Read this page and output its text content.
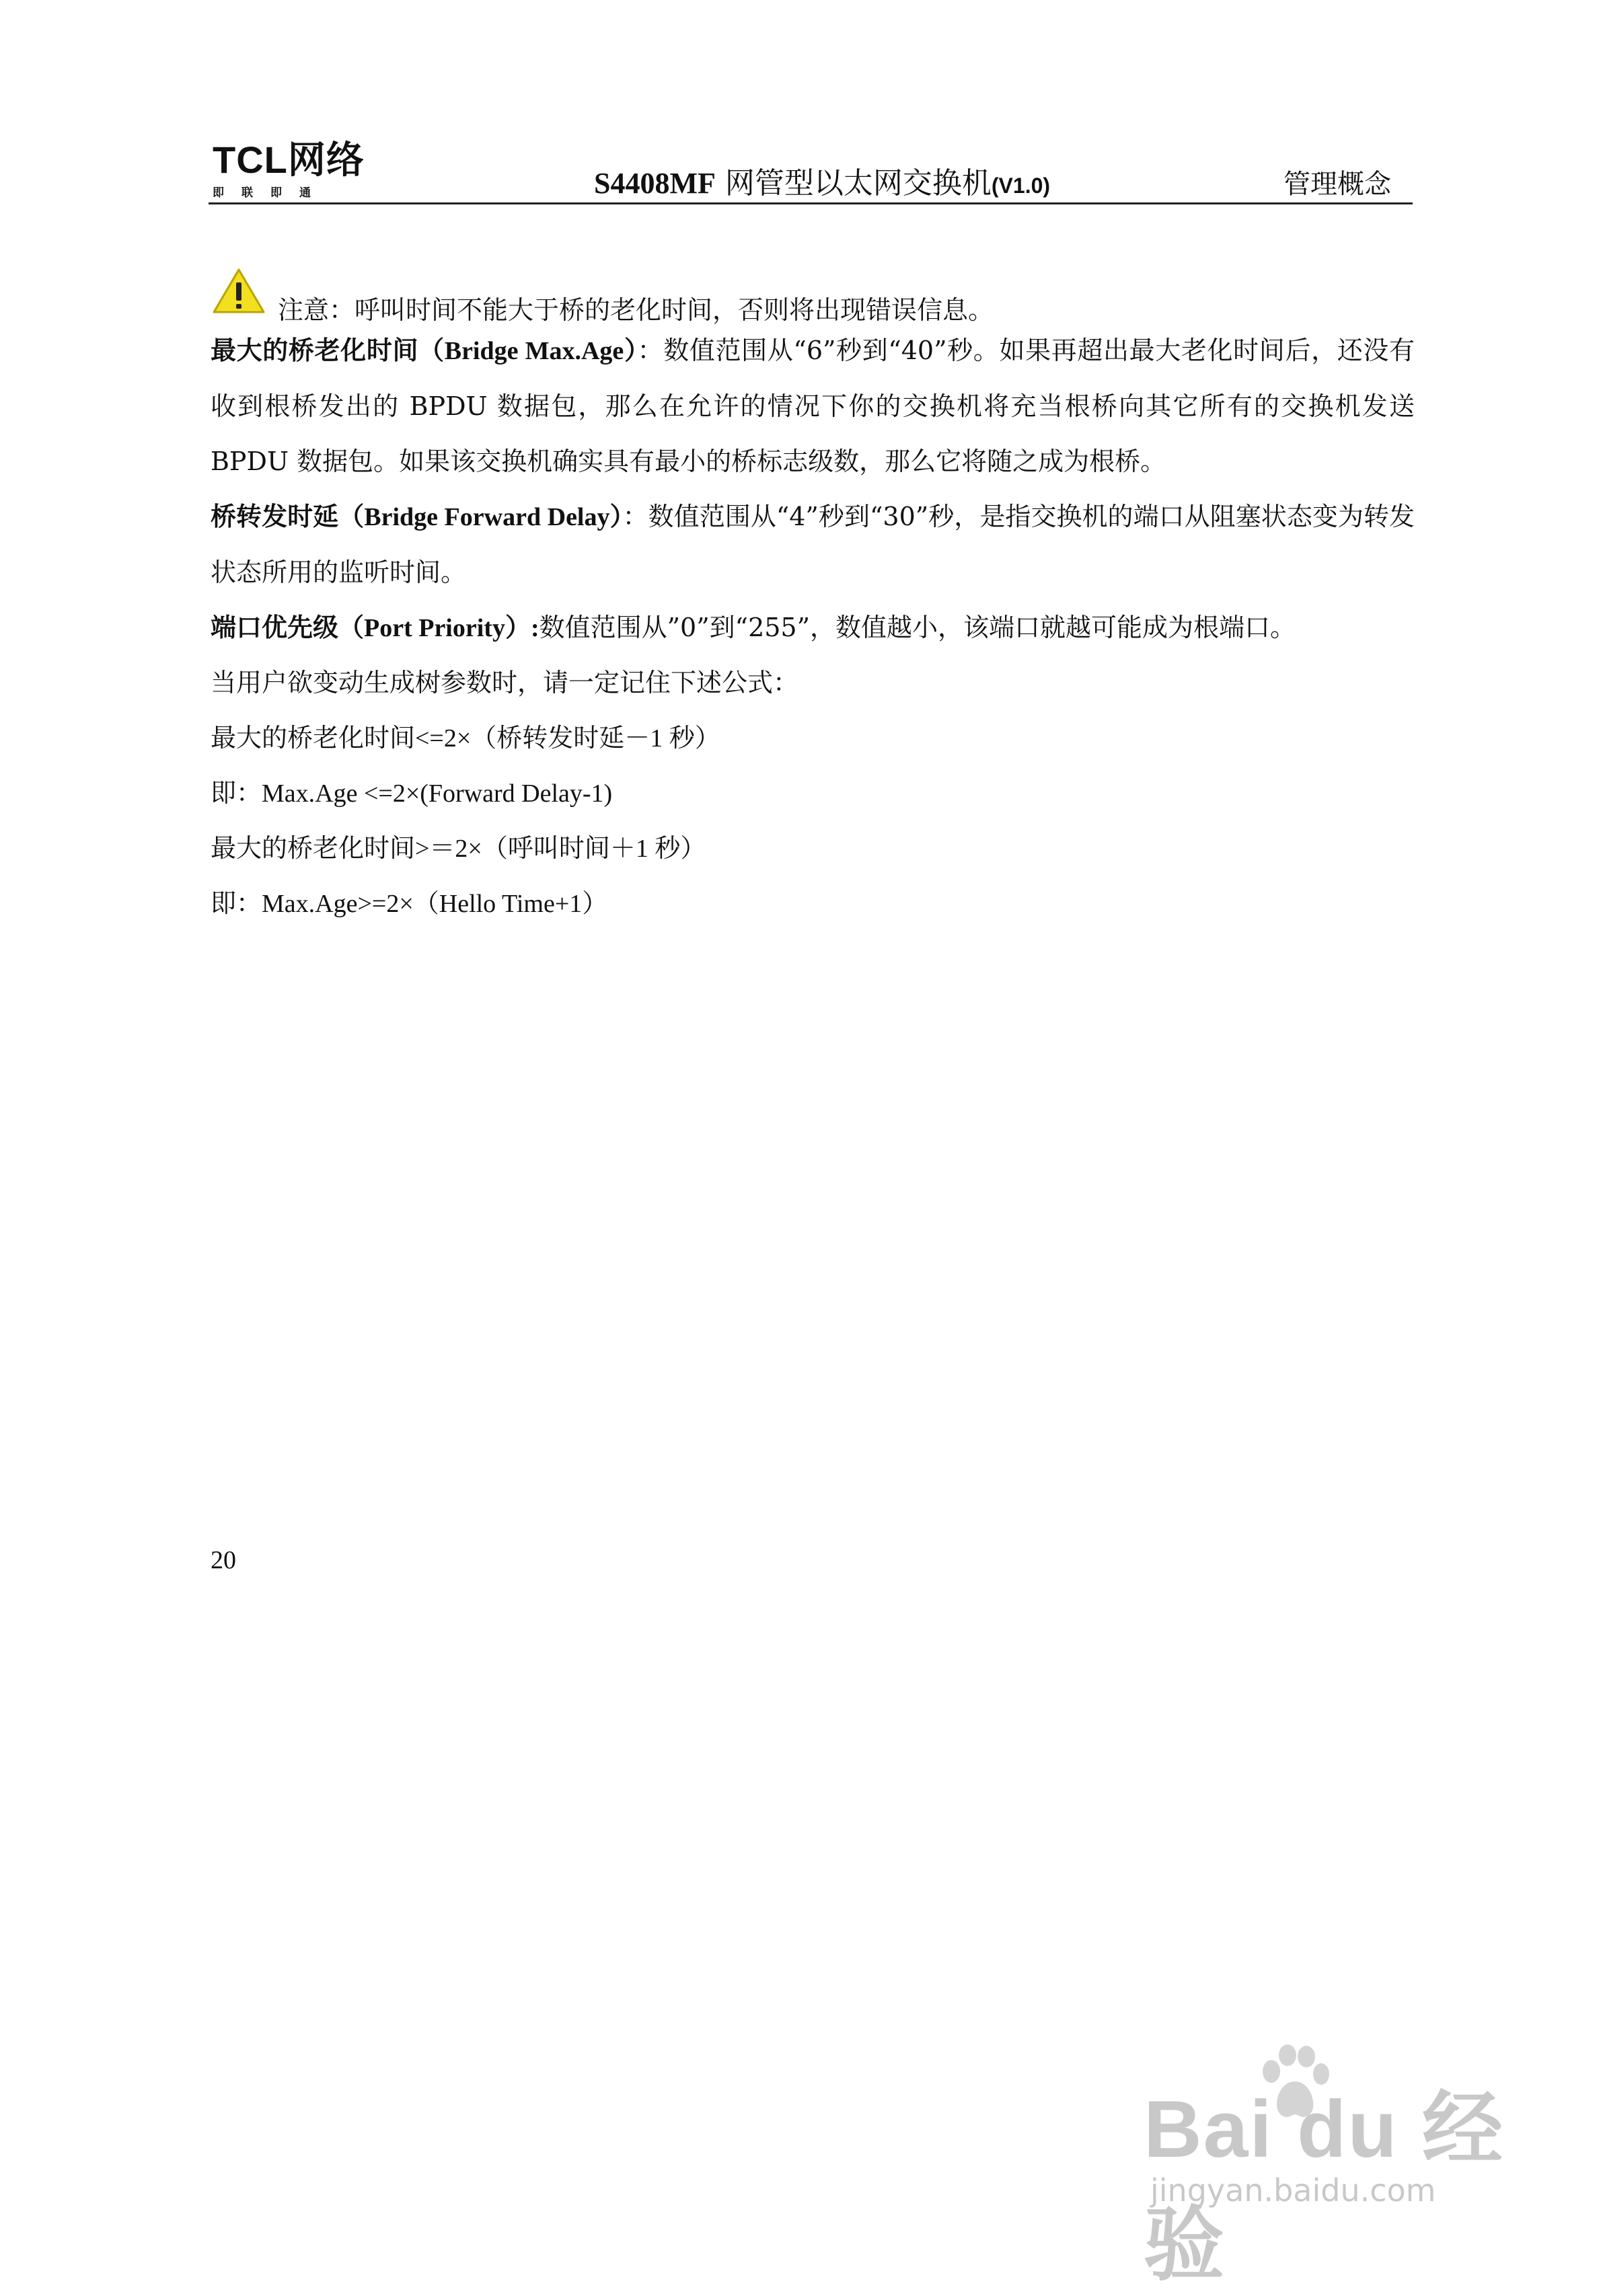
TCL网络
即联即通	S4408MF 网管型以太网交换机(V1.0)	管理概念
注意：呼叫时间不能大于桥的老化时间，否则将出现错误信息。

最大的桥老化时间（Bridge Max.Age）：数值范围从“6”秒到“40”秒。如果再超出最大老化时间后，还没有收到根桥发出的 BPDU 数据包，那么在允许的情况下你的交换机将充当根桥向其它所有的交换机发送 BPDU 数据包。如果该交换机确实具有最小的桥标志级数，那么它将随之成为根桥。

桥转发时延（Bridge Forward Delay）：数值范围从“4”秒到“30”秒，是指交换机的端口从阻塞状态变为转发状态所用的监听时间。

端口优先级（Port Priority）:数值范围从”0”到“255”，数值越小，该端口就越可能成为根端口。

当用户欲变动生成树参数时，请一定记住下述公式：
最大的桥老化时间<=2×（桥转发时延－1 秒）
即：Max.Age <=2×(Forward Delay-1)
最大的桥老化时间>＝2×（呼叫时间＋1 秒）
即：Max.Age>=2×（Hello Time+1）
20
Bai du 经验
jingyan.baidu.com
